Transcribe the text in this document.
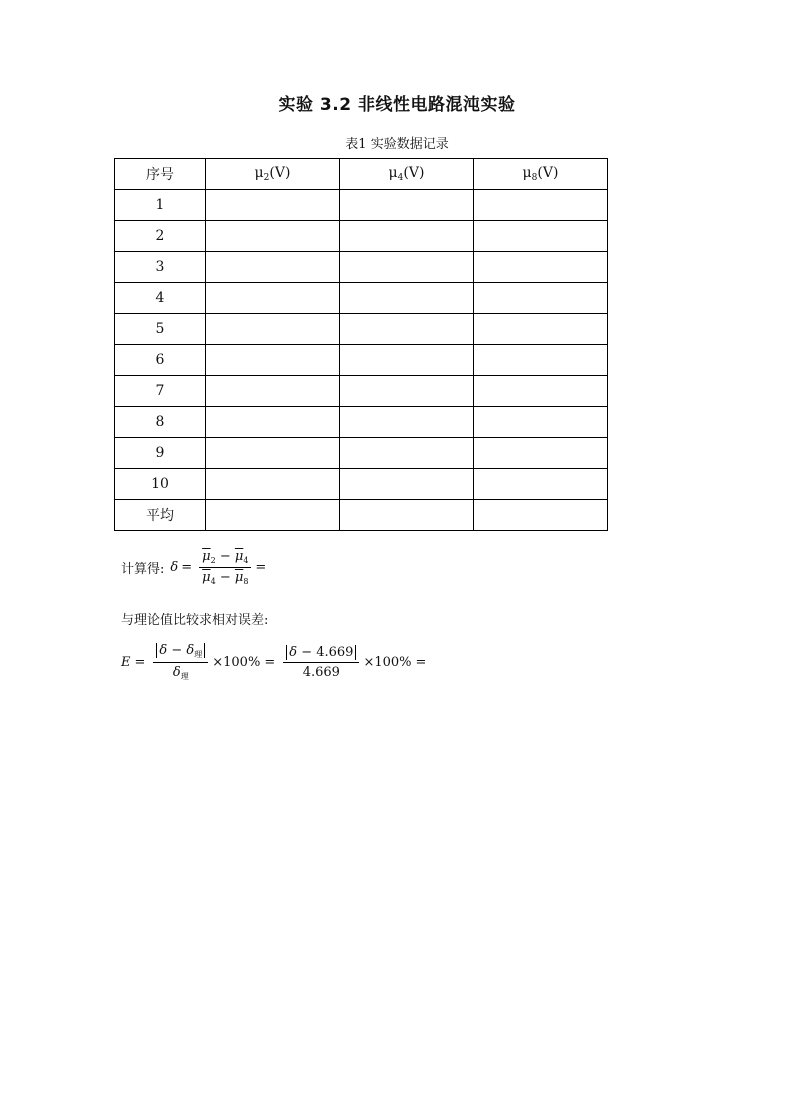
实验 3.2 非线性电路混沌实验
表1 实验数据记录
序号	$\mu_2(V)$	$\mu_4(V)$	$\mu_8(V)$
1			
2			
3			
4			
5			
6			
7			
8			
9			
10			
平均			
计算得: $\delta = \frac{\overline{\mu}_2 - \overline{\mu}_4}{\overline{\mu}_4 - \overline{\mu}_8}$ =
与理论值比较求相对误差:
$E = \frac{\delta - \delta_理}{\delta_理} \times 100\% = \frac{\delta - 4.669}{4.669} \times 100\%$ =
